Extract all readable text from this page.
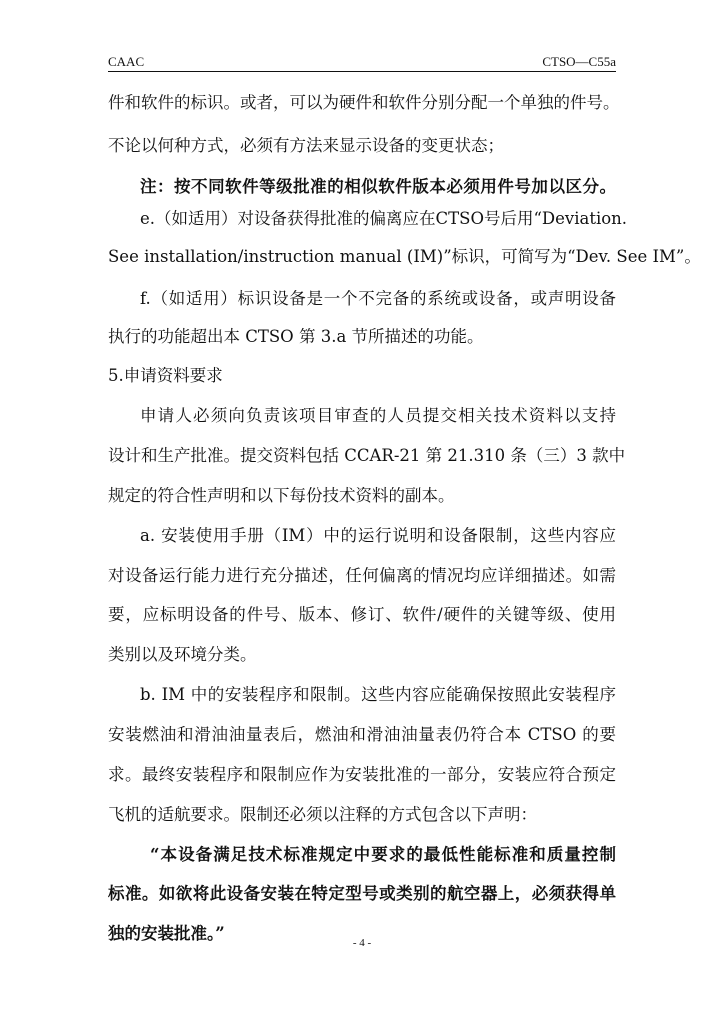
CAAC	CTSO—C55a
件和软件的标识。或者，可以为硬件和软件分别分配一个单独的件号。
不论以何种方式，必须有方法来显示设备的变更状态；
注：按不同软件等级批准的相似软件版本必须用件号加以区分。
e.（如适用）对设备获得批准的偏离应在CTSO号后用“Deviation.
See installation/instruction manual (IM)”标识，可简写为“Dev. See IM”。
f.（如适用）标识设备是一个不完备的系统或设备，或声明设备
执行的功能超出本 CTSO 第 3.a 节所描述的功能。
5.申请资料要求
申请人必须向负责该项目审查的人员提交相关技术资料以支持
设计和生产批准。提交资料包括 CCAR-21 第 21.310 条（三）3 款中
规定的符合性声明和以下每份技术资料的副本。
a. 安装使用手册（IM）中的运行说明和设备限制，这些内容应
对设备运行能力进行充分描述，任何偏离的情况均应详细描述。如需
要，应标明设备的件号、版本、修订、软件/硬件的关键等级、使用
类别以及环境分类。
b. IM 中的安装程序和限制。这些内容应能确保按照此安装程序
安装燃油和滑油油量表后，燃油和滑油油量表仍符合本 CTSO 的要
求。最终安装程序和限制应作为安装批准的一部分，安装应符合预定
飞机的适航要求。限制还必须以注释的方式包含以下声明：
“本设备满足技术标准规定中要求的最低性能标准和质量控制
标准。如欲将此设备安装在特定型号或类别的航空器上，必须获得单
独的安装批准。”	- 4 -
